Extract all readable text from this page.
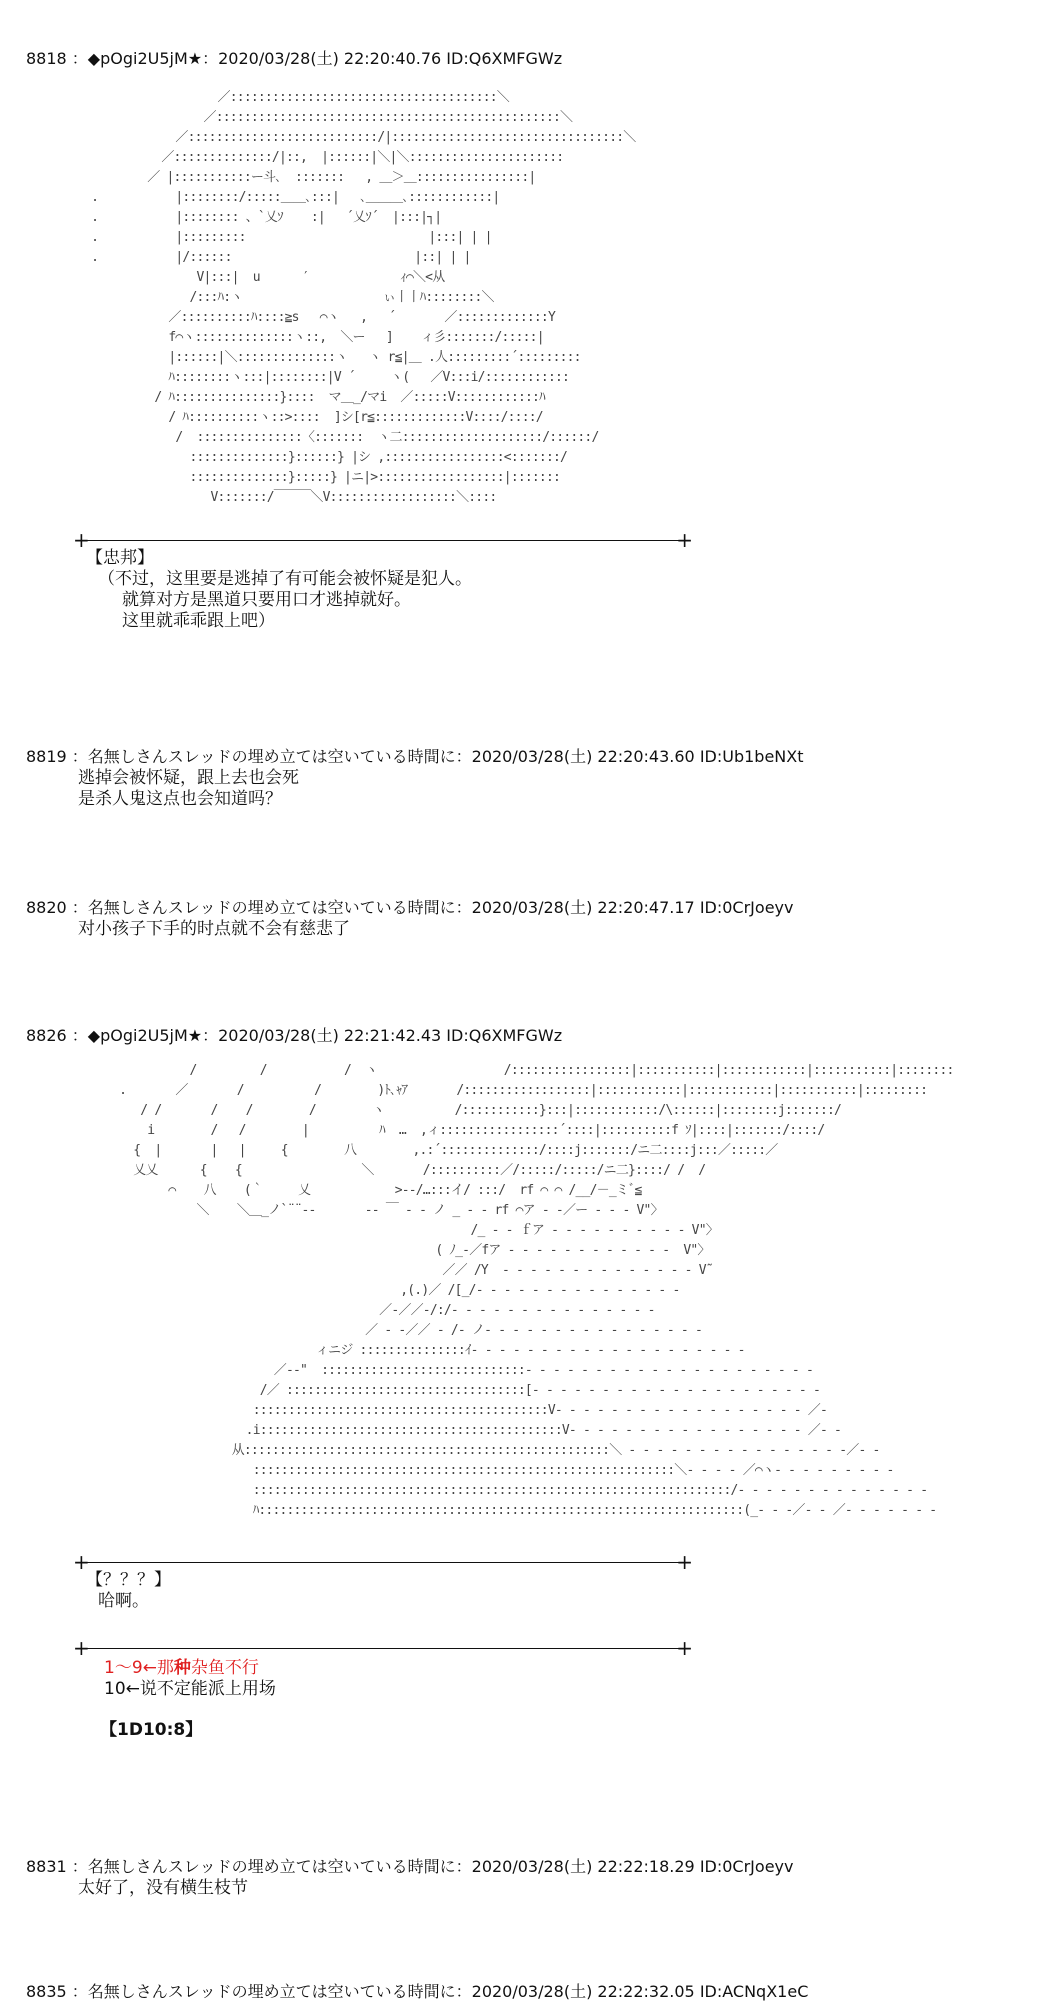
8818 ：◆pOgi2U5jM★：2020/03/28(土) 22:20:40.76 ID:Q6XMFGWz
／::::::::::::::::::::::::::::::::::::::＼
／:::::::::::::::::::::::::::::::::::::::::::::::::＼
／:::::::::::::::::::::::::::/|:::::::::::::::::::::::::::::::::＼
／::::::::::::::/|::,  |::::::|＼|＼::::::::::::::::::::::
／ |:::::::::::ー斗､  :::::::   , ＿＞＿::::::::::::::::|
.           |::::::::/:::::＿＿､:::|   ､＿＿＿､::::::::::::|
.           |:::::::: 、`乂ｿ    :|   ´乂ｿ´  |:::|┐|
.           |:::::::::                          |:::| | |
.           |/::::::                          |::| | |
V|:::|  u      ′             ｨ⌒＼<从
/:::ﾊ:ヽ                    ぃ丨丨ﾊ::::::::＼
／::::::::::ﾊ::::≧s   ⌒ヽ   ,   ´       ／:::::::::::::Y
f⌒ヽ::::::::::::::ヽ::,  ＼ー   ]    ィ彡:::::::/:::::|
|::::::|＼::::::::::::::ヽ   ヽ r≦|＿ .人:::::::::´:::::::::
ﾊ::::::::ヽ:::|::::::::|V ´     ヽ(   ／V:::i/::::::::::::
/ ﾊ:::::::::::::::}::::  マ＿_/マi  ／:::::V::::::::::::ﾊ
/ ﾊ::::::::::ヽ::>::::  ]シ[r≦:::::::::::::V::::/::::/
/  :::::::::::::::〈:::::::  ヽ二::::::::::::::::::::/::::::/
::::::::::::::}::::::} |シ ,:::::::::::::::::<:::::::/
::::::::::::::}:::::} |ニ|>::::::::::::::::::|:::::::
V:::::::/￣￣￣＼V::::::::::::::::::＼::::
+	+
【忠邦】
（不过，这里要是逃掉了有可能会被怀疑是犯人。
就算对方是黑道只要用口才逃掉就好。
这里就乖乖跟上吧）
8819 ：名無しさんスレッドの埋め立ては空いている時間に：2020/03/28(土) 22:20:43.60 ID:Ub1beNXt
逃掉会被怀疑，跟上去也会死
是杀人鬼这点也会知道吗？
8820 ：名無しさんスレッドの埋め立ては空いている時間に：2020/03/28(土) 22:20:47.17 ID:0CrJoeyv
对小孩子下手的时点就不会有慈悲了
8826 ：◆pOgi2U5jM★：2020/03/28(土) 22:21:42.43 ID:Q6XMFGWz
/         /           /  ヽ                  /:::::::::::::::::|:::::::::::|::::::::::::|:::::::::::|::::::::
.       ／       /          /        )ﾄ､ｬｱ       /::::::::::::::::::|::::::::::::|::::::::::::|:::::::::::|:::::::::
/ /       /    /        /        ヽ          /:::::::::::}:::|::::::::::::/\::::::|::::::::j:::::::/
i        /   /        |          ﾊ  …  ,ィ:::::::::::::::::´::::|::::::::::f ｿ|::::|:::::::/::::/
{  |       |   |     {        八        ,.:´::::::::::::::/::::j:::::::/ニ二::::j:::／:::::／
乂乂      {    {                 ＼       /::::::::::／/:::::/:::::/ニ二}::::/ /  /
⌒    八    (｀     乂            >-‐/…:::イ/ :::/  rf ⌒ ⌒ /__/－_ミﾞ≦
＼    ＼＿_ノ`¨¨‐-       ‐- ￣ - ‐ ノ _ ‐ ‐ rf ⌒ア ‐ ‐／ー ‐ ‐ ‐ V"〉
/_ ‐ ‐ ｆア ‐ ‐ ‐ ‐ ‐ ‐ ‐ ‐ ‐ ‐ V"〉
( ﾉ_‐／fア ‐ ‐ ‐ ‐ ‐ ‐ ‐ ‐ ‐ ‐ ‐ ‐  V"〉
／／ /Y  ‐ ‐ ‐ ‐ ‐ ‐ ‐ ‐ ‐ ‐ ‐ ‐ ‐ ‐ V˜
,(.)／ /[_/‐ ‐ ‐ ‐ ‐ ‐ ‐ ‐ ‐ ‐ ‐ ‐ ‐ ‐ ‐
／‐／／‐/:/‐ ‐ ‐ ‐ ‐ ‐ ‐ ‐ ‐ ‐ ‐ ‐ ‐ ‐ ‐
／ - ‐／／ ‐ /‐ ノ‐ ‐ ‐ ‐ ‐ ‐ ‐ ‐ ‐ ‐ ‐ ‐ ‐ ‐ ‐ ‐
ィニジ :::::::::::::::ｲ‐ ‐ ‐ ‐ ‐ ‐ ‐ ‐ ‐ ‐ ‐ ‐ ‐ ‐ ‐ ‐ ‐ ‐ ‐ ‐
／-‐"  :::::::::::::::::::::::::::::‐ ‐ ‐ ‐ ‐ ‐ ‐ ‐ ‐ ‐ ‐ ‐ ‐ ‐ ‐ ‐ ‐ ‐ ‐ ‐ ‐
/／ ::::::::::::::::::::::::::::::::::[‐ ‐ ‐ ‐ ‐ ‐ ‐ ‐ ‐ ‐ ‐ ‐ ‐ ‐ ‐ ‐ ‐ ‐ ‐ ‐ ‐
::::::::::::::::::::::::::::::::::::::::::V‐ ‐ ‐ ‐ ‐ ‐ ‐ ‐ ‐ ‐ ‐ ‐ ‐ ‐ ‐ ‐ ‐ ‐ ／‐
.i:::::::::::::::::::::::::::::::::::::::::::V‐ ‐ ‐ ‐ ‐ ‐ ‐ ‐ ‐ ‐ ‐ ‐ ‐ ‐ ‐ ‐ ‐ ／‐ ‐
从::::::::::::::::::::::::::::::::::::::::::::::::::::＼ ‐ ‐ ‐ ‐ ‐ ‐ ‐ ‐ ‐ ‐ ‐ ‐ ‐ ‐ ‐ ‐／‐ ‐
::::::::::::::::::::::::::::::::::::::::::::::::::::::::::::＼‐ ‐ ‐ ‐ ／⌒ヽ‐ ‐ ‐ ‐ ‐ ‐ ‐ ‐ ‐
::::::::::::::::::::::::::::::::::::::::::::::::::::::::::::::::::::/‐ ‐ ‐ ‐ ‐ ‐ ‐ ‐ ‐ ‐ ‐ ‐ ‐ ‐
ﾊ:::::::::::::::::::::::::::::::::::::::::::::::::::::::::::::::::::::(_‐ ‐ ‐／‐ ‐ ／‐ ‐ ‐ ‐ ‐ ‐ ‐
+	+
【？？？】
哈啊。
+	+
1～9←那种杂鱼不行
10←说不定能派上用场
【1D10:8】
8831 ：名無しさんスレッドの埋め立ては空いている時間に：2020/03/28(土) 22:22:18.29 ID:0CrJoeyv
太好了，没有横生枝节
8835 ：名無しさんスレッドの埋め立ては空いている時間に：2020/03/28(土) 22:22:32.05 ID:ACNqX1eC
